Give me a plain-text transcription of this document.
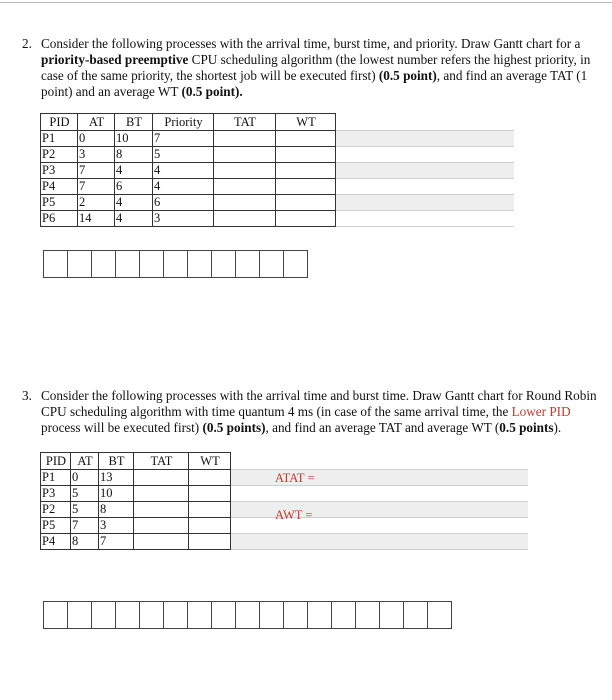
2. Consider the following processes with the arrival time, burst time, and priority. Draw Gantt chart for a
priority-based preemptive CPU scheduling algorithm (the lowest number refers the highest priority, in
case of the same priority, the shortest job will be executed first) (0.5 point), and find an average TAT (1
point) and an average WT (0.5 point).
PID	AT	BT	Priority	TAT	WT	
P1	0	10	7			
P2	3	8	5			
P3	7	4	4			
P4	7	6	4			
P5	2	4	6			
P6	14	4	3			
3. Consider the following processes with the arrival time and burst time. Draw Gantt chart for Round Robin
CPU scheduling algorithm with time quantum 4 ms (in case of the same arrival time, the Lower PID
process will be executed first) (0.5 points), and find an average TAT and average WT (0.5 points).
PID	AT	BT	TAT	WT	
P1	0	13			
P3	5	10			
P2	5	8			
P5	7	3			
P4	8	7			
ATAT =
AWT =
